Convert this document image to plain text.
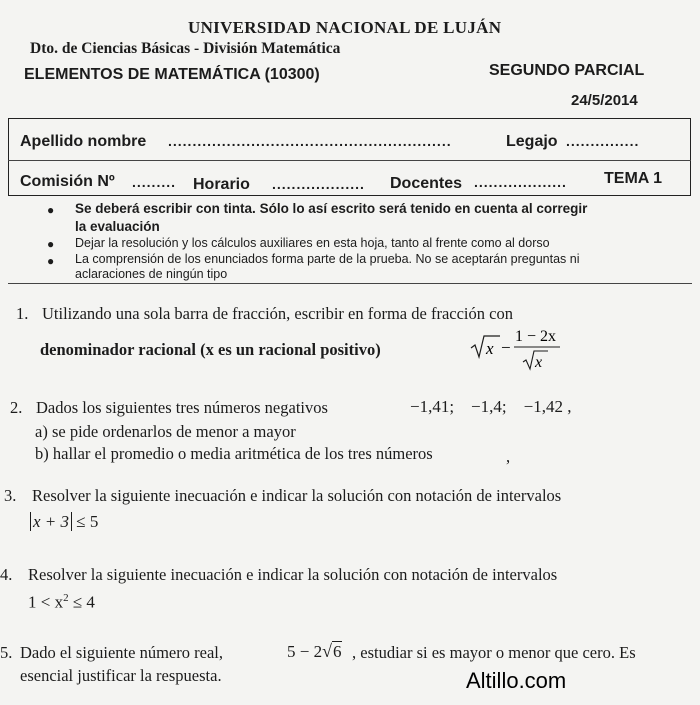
UNIVERSIDAD NACIONAL DE LUJÁN
Dto. de Ciencias Básicas - División Matemática
ELEMENTOS DE MATEMÁTICA (10300)	SEGUNDO PARCIAL
24/5/2014
Apellido nombre ..........................................................	Legajo ...............
Comisión Nº ......... Horario ................... Docentes ................... TEMA 1
● Se deberá escribir con tinta. Sólo lo así escrito será tenido en cuenta al corregir
la evaluación
● Dejar la resolución y los cálculos auxiliares en esta hoja, tanto al frente como al dorso
● La comprensión de los enunciados forma parte de la prueba. No se aceptarán preguntas ni
aclaraciones de ningún tipo
1. Utilizando una sola barra de fracción, escribir en forma de fracción con
denominador racional (x es un racional positivo)	x −
1 − 2x
x
2. Dados los siguientes tres números negativos	−1,41;    −1,4;    −1,42 ,
a) se pide ordenarlos de menor a mayor
b) hallar el promedio o media aritmética de los tres números	,
3. Resolver la siguiente inecuación e indicar la solución con notación de intervalos
x + 3 ≤ 5
4. Resolver la siguiente inecuación e indicar la solución con notación de intervalos
$1 < x^2 \le 4$
5. Dado el siguiente número real,	5 − 2√6 , estudiar si es mayor o menor que cero. Es
esencial justificar la respuesta.	Altillo.com
